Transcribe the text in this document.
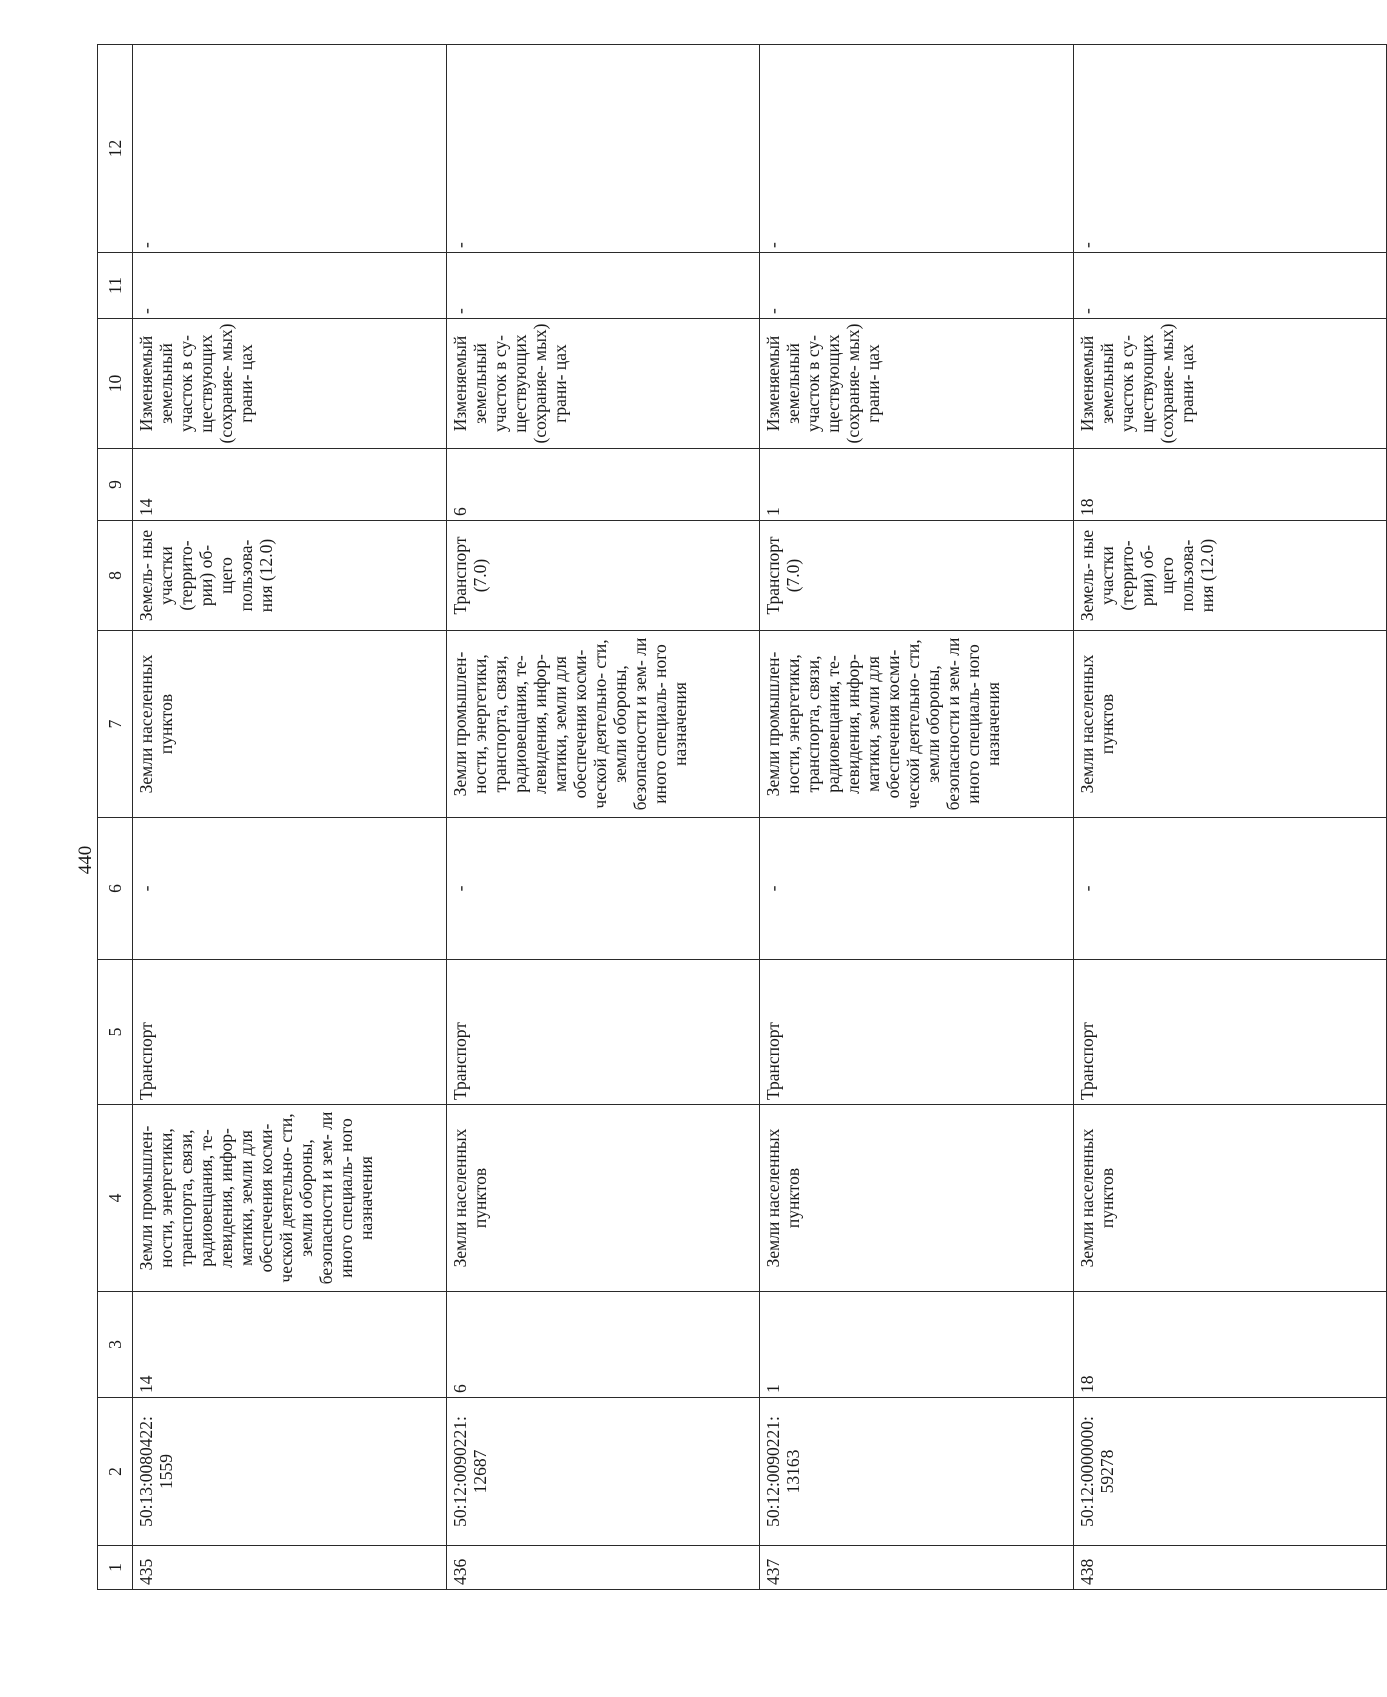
440
1	2	3	4	5	6	7	8	9	10	11	12
435	50:13:0080422: 1559	14	Земли промышлен- ности, энергетики, транспорта, связи, радиовещания, те- левидения, инфор- матики, земли для обеспечения косми- ческой деятельно- сти, земли обороны, безопасности и зем- ли иного специаль- ного назначения	Транспорт	-	Земли населенных пунктов	Земель- ные участки (террито- рии) об- щего пользова- ния (12.0)	14	Изменяемый земельный участок в су- ществующих (сохраняе- мых) грани- цах	-	-
436	50:12:0090221: 12687	6	Земли населенных пунктов	Транспорт	-	Земли промышлен- ности, энергетики, транспорта, связи, радиовещания, те- левидения, инфор- матики, земли для обеспечения косми- ческой деятельно- сти, земли обороны, безопасности и зем- ли иного специаль- ного назначения	Транспорт (7.0)	6	Изменяемый земельный участок в су- ществующих (сохраняе- мых) грани- цах	-	-
437	50:12:0090221: 13163	1	Земли населенных пунктов	Транспорт	-	Земли промышлен- ности, энергетики, транспорта, связи, радиовещания, те- левидения, инфор- матики, земли для обеспечения косми- ческой деятельно- сти, земли обороны, безопасности и зем- ли иного специаль- ного назначения	Транспорт (7.0)	1	Изменяемый земельный участок в су- ществующих (сохраняе- мых) грани- цах	-	-
438	50:12:0000000: 59278	18	Земли населенных пунктов	Транспорт	-	Земли населенных пунктов	Земель- ные участки (террито- рии) об- щего пользова- ния (12.0)	18	Изменяемый земельный участок в су- ществующих (сохраняе- мых) грани- цах	-	-
